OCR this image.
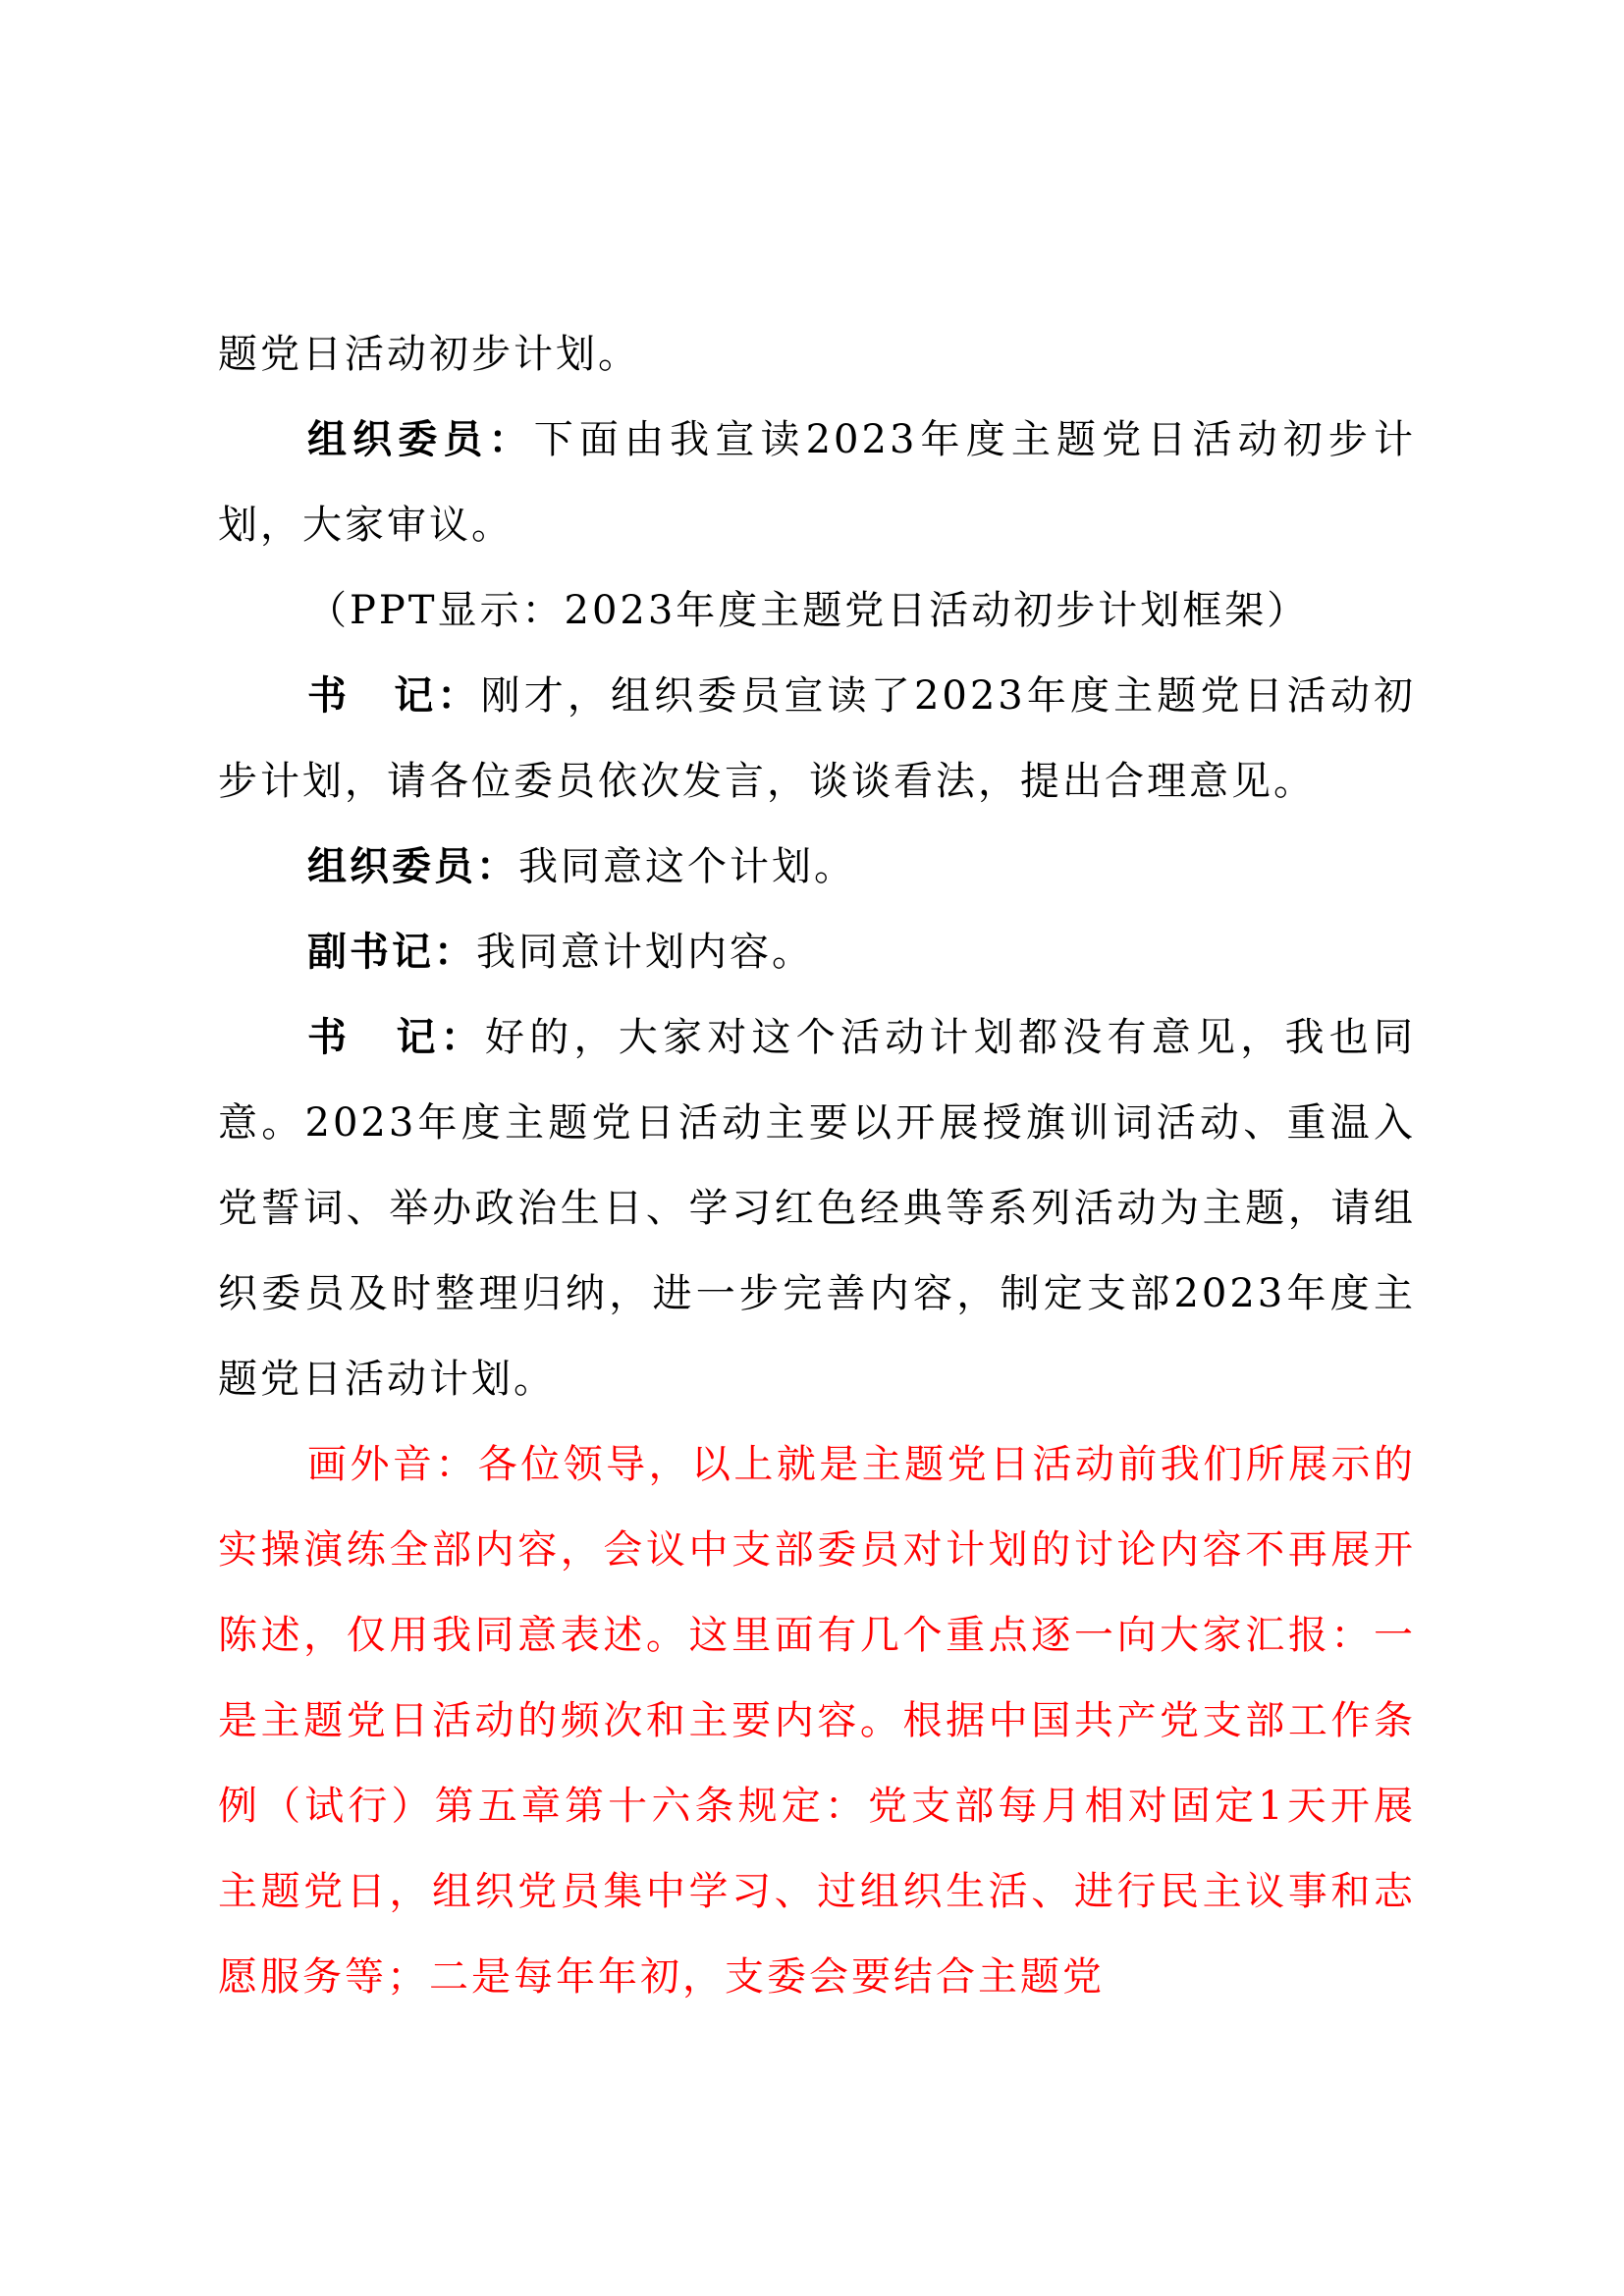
题党日活动初步计划。

组织委员：下面由我宣读2023年度主题党日活动初步计划，大家审议。

（PPT显示：2023年度主题党日活动初步计划框架）

书　记：刚才，组织委员宣读了2023年度主题党日活动初步计划，请各位委员依次发言，谈谈看法，提出合理意见。

组织委员：我同意这个计划。

副书记：我同意计划内容。

书　记：好的，大家对这个活动计划都没有意见，我也同意。2023年度主题党日活动主要以开展授旗训词活动、重温入党誓词、举办政治生日、学习红色经典等系列活动为主题，请组织委员及时整理归纳，进一步完善内容，制定支部2023年度主题党日活动计划。

画外音：各位领导，以上就是主题党日活动前我们所展示的实操演练全部内容，会议中支部委员对计划的讨论内容不再展开陈述，仅用我同意表述。这里面有几个重点逐一向大家汇报：一是主题党日活动的频次和主要内容。根据中国共产党支部工作条例（试行）第五章第十六条规定：党支部每月相对固定1天开展主题党日，组织党员集中学习、过组织生活、进行民主议事和志愿服务等；二是每年年初，支委会要结合主题党
